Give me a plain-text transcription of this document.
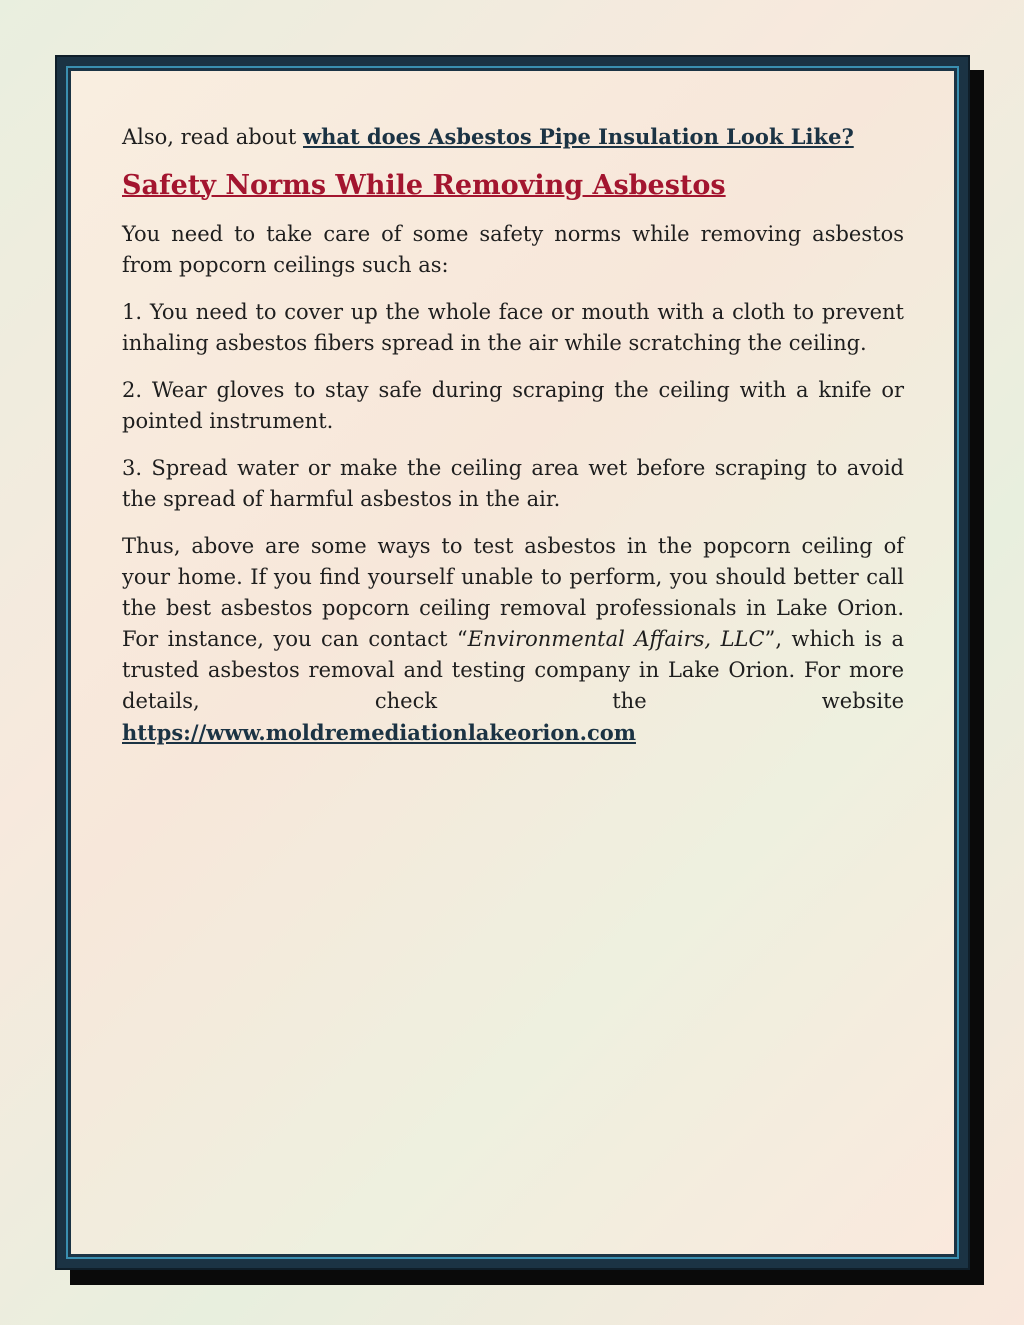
Also, read about what does Asbestos Pipe Insulation Look Like?

Safety Norms While Removing Asbestos

You need to take care of some safety norms while removing asbestos from popcorn ceilings such as:

1. You need to cover up the whole face or mouth with a cloth to prevent inhaling asbestos fibers spread in the air while scratching the ceiling.

2. Wear gloves to stay safe during scraping the ceiling with a knife or pointed instrument.

3. Spread water or make the ceiling area wet before scraping to avoid the spread of harmful asbestos in the air.

Thus, above are some ways to test asbestos in the popcorn ceiling of your home. If you find yourself unable to perform, you should better call the best asbestos popcorn ceiling removal professionals in Lake Orion. For instance, you can contact “Environmental Affairs, LLC”, which is a trusted asbestos removal and testing company in Lake Orion. For more details, check the website https://www.moldremediationlakeorion.com
